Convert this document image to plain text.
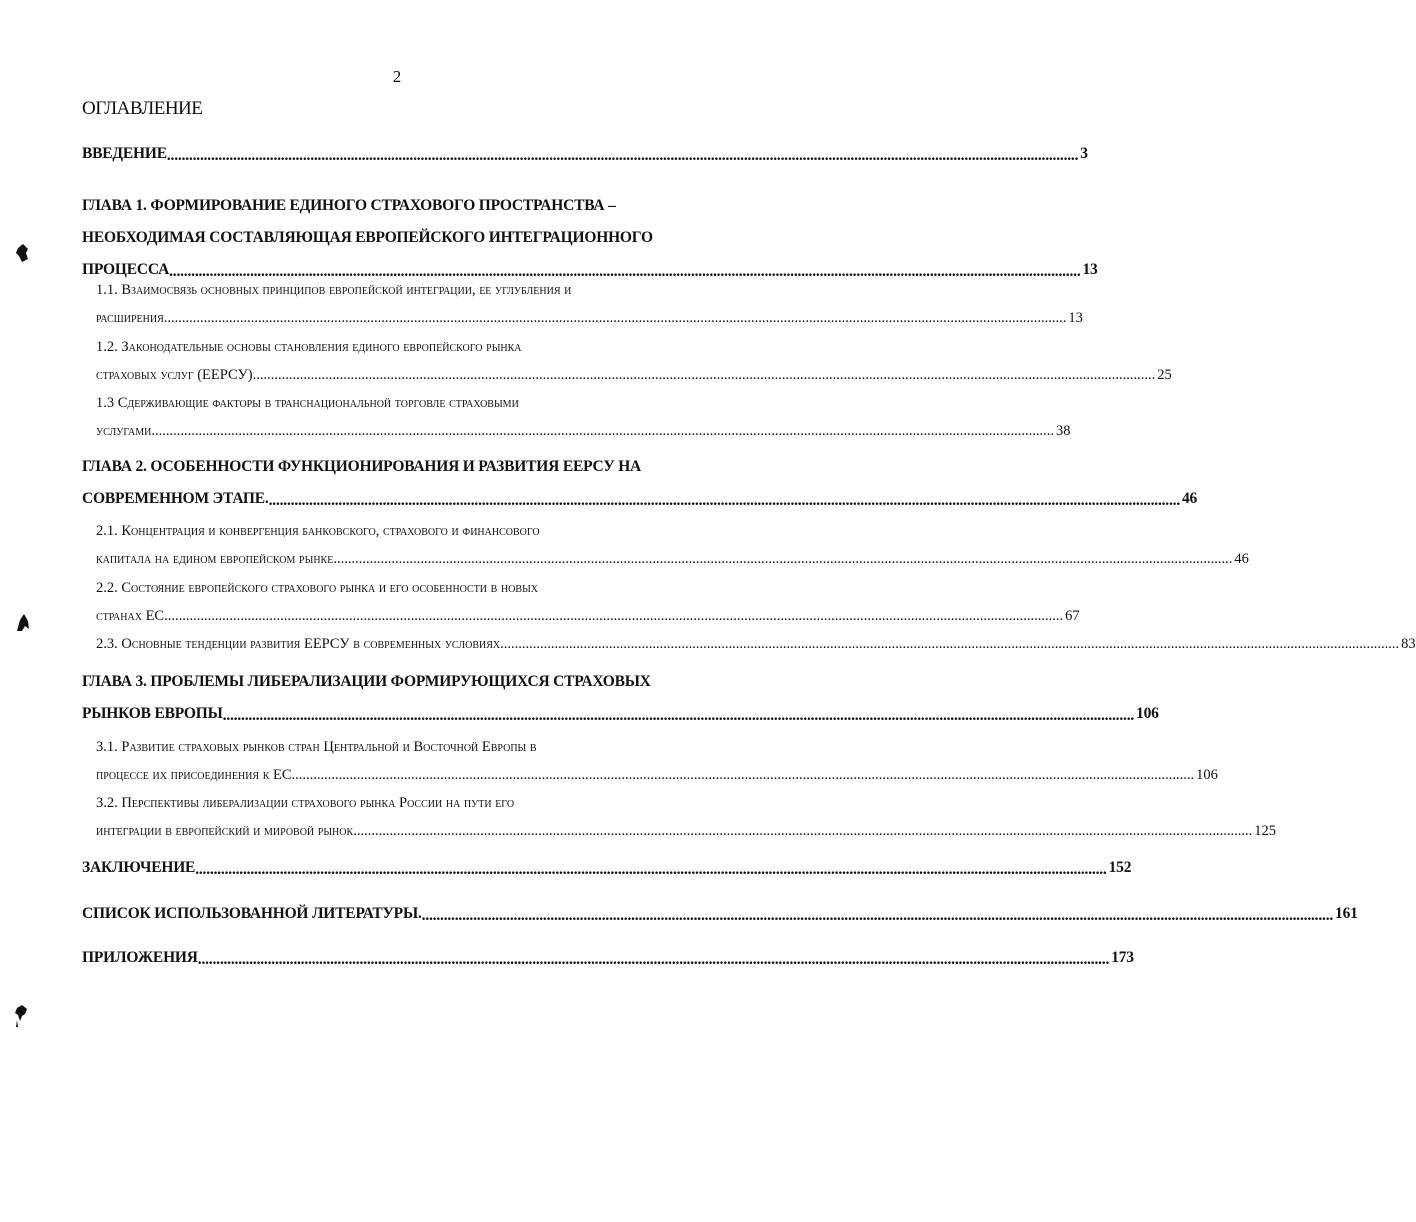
2
ОГЛАВЛЕНИЕ
ВВЕДЕНИЕ ........................................................................................................................................................................................................................................................ 3
ГЛАВА 1. ФОРМИРОВАНИЕ ЕДИНОГО СТРАХОВОГО ПРОСТРАНСТВА –
НЕОБХОДИМАЯ СОСТАВЛЯЮЩАЯ ЕВРОПЕЙСКОГО ИНТЕГРАЦИОННОГО
ПРОЦЕССА ........................................................................................................................................................................................................................................................ 13
1.1. Взаимосвязь основных принципов европейской интеграции, ее углубления и
расширения. ........................................................................................................................................................................................................................................................ 13
1.2. Законодательные основы становления единого европейского рынка
страховых услуг (ЕЕРСУ). ........................................................................................................................................................................................................................................................ 25
1.3 Сдерживающие факторы в транснациональной торговле страховыми
услугами. ........................................................................................................................................................................................................................................................ 38
ГЛАВА 2. ОСОБЕННОСТИ ФУНКЦИОНИРОВАНИЯ И РАЗВИТИЯ ЕЕРСУ НА
СОВРЕМЕННОМ ЭТАПЕ. ........................................................................................................................................................................................................................................................ 46
2.1. Концентрация и конвергенция банковского, страхового и финансового
капитала на едином европейском рынке ........................................................................................................................................................................................................................................................ 46
2.2. Состояние европейского страхового рынка и его особенности в новых
странах ЕС ........................................................................................................................................................................................................................................................ 67
2.3. Основные тенденции развития ЕЕРСУ в современных условиях ........................................................................................................................................................................................................................................................ 83
ГЛАВА 3. ПРОБЛЕМЫ ЛИБЕРАЛИЗАЦИИ ФОРМИРУЮЩИХСЯ СТРАХОВЫХ
РЫНКОВ ЕВРОПЫ ........................................................................................................................................................................................................................................................ 106
3.1. Развитие страховых рынков стран Центральной и Восточной Европы в
процессе их присоединения к ЕС. ........................................................................................................................................................................................................................................................ 106
3.2. Перспективы либерализации страхового рынка России на пути его
интеграции в европейский и мировой рынок ........................................................................................................................................................................................................................................................ 125
ЗАКЛЮЧЕНИЕ ........................................................................................................................................................................................................................................................ 152
СПИСОК ИСПОЛЬЗОВАННОЙ ЛИТЕРАТУРЫ. ........................................................................................................................................................................................................................................................ 161
ПРИЛОЖЕНИЯ ........................................................................................................................................................................................................................................................ 173
